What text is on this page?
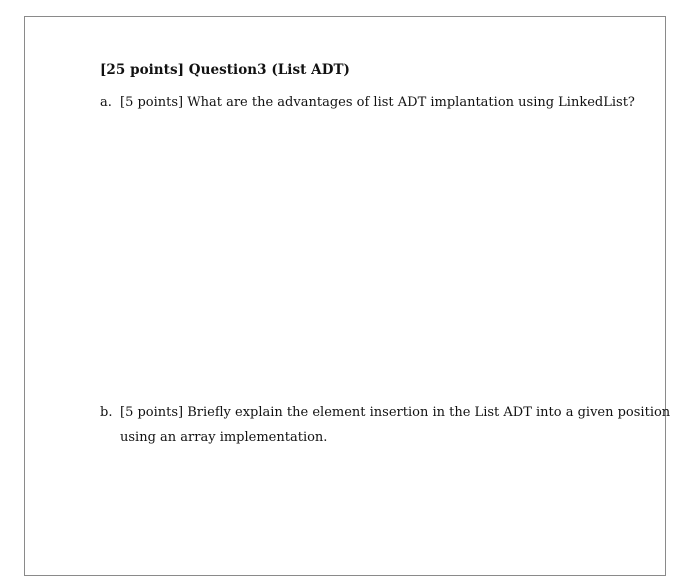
[25 points] Question3 (List ADT)
a. [5 points] What are the advantages of list ADT implantation using LinkedList?
b. [5 points] Briefly explain the element insertion in the List ADT into a given position
using an array implementation.
